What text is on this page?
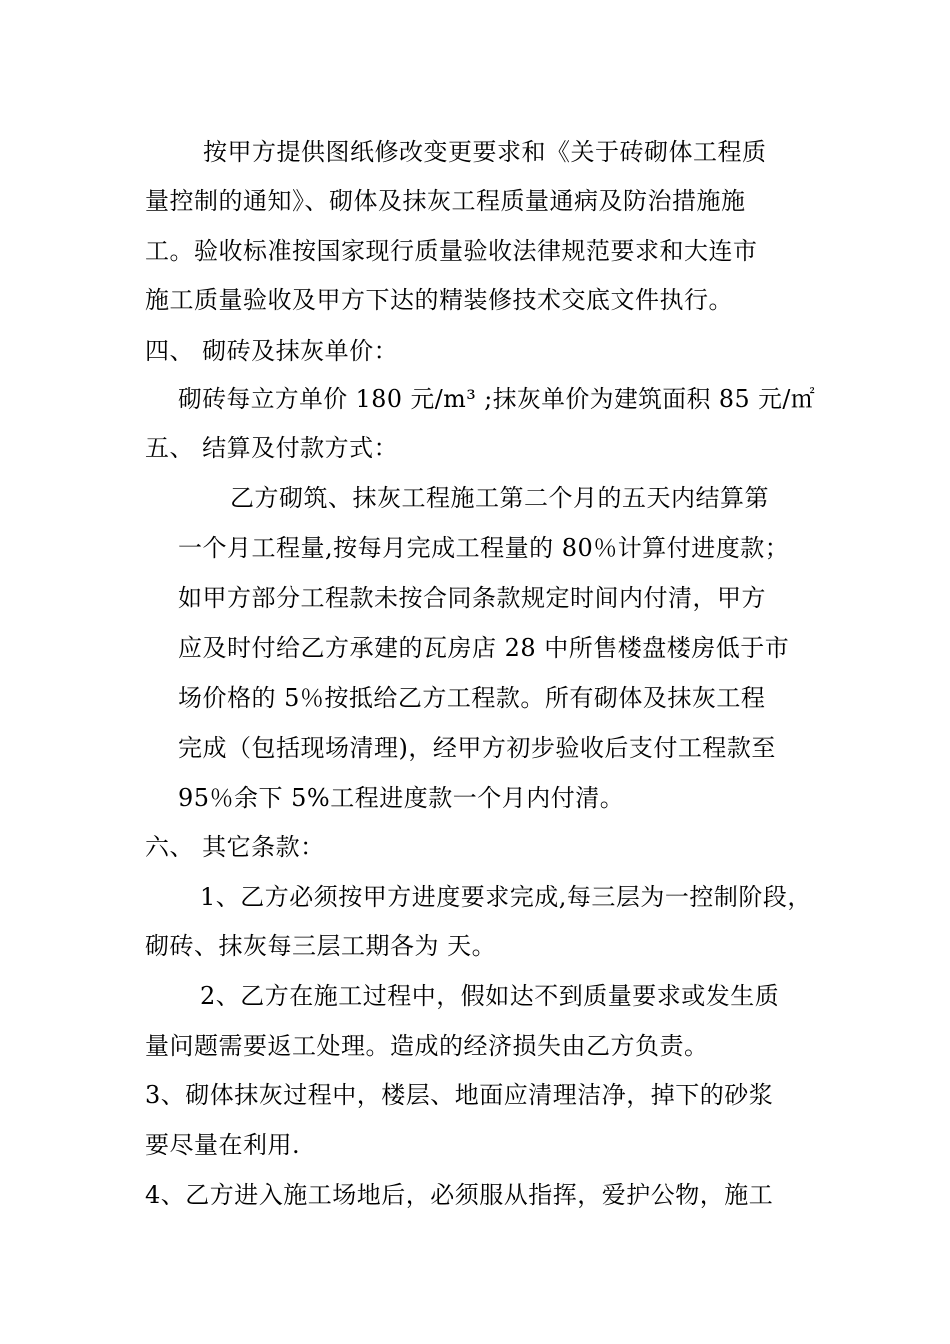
按甲方提供图纸修改变更要求和《关于砖砌体工程质
量控制的通知》、砌体及抹灰工程质量通病及防治措施施
工。验收标准按国家现行质量验收法律规范要求和大连市
施工质量验收及甲方下达的精装修技术交底文件执行。
四、 砌砖及抹灰单价：
砌砖每立方单价 180 元/m³ ;抹灰单价为建筑面积 85 元/㎡
五、 结算及付款方式：
乙方砌筑、抹灰工程施工第二个月的五天内结算第
一个月工程量,按每月完成工程量的 80％计算付进度款；
如甲方部分工程款未按合同条款规定时间内付清，甲方
应及时付给乙方承建的瓦房店 28 中所售楼盘楼房低于市
场价格的 5％按抵给乙方工程款。所有砌体及抹灰工程
完成（包括现场清理)，经甲方初步验收后支付工程款至
95％余下 5%工程进度款一个月内付清。
六、 其它条款：
1、乙方必须按甲方进度要求完成,每三层为一控制阶段，
砌砖、抹灰每三层工期各为 天。
2、乙方在施工过程中，假如达不到质量要求或发生质
量问题需要返工处理。造成的经济损失由乙方负责。
3、砌体抹灰过程中，楼层、地面应清理洁净，掉下的砂浆
要尽量在利用.
4、乙方进入施工场地后，必须服从指挥，爱护公物，施工
